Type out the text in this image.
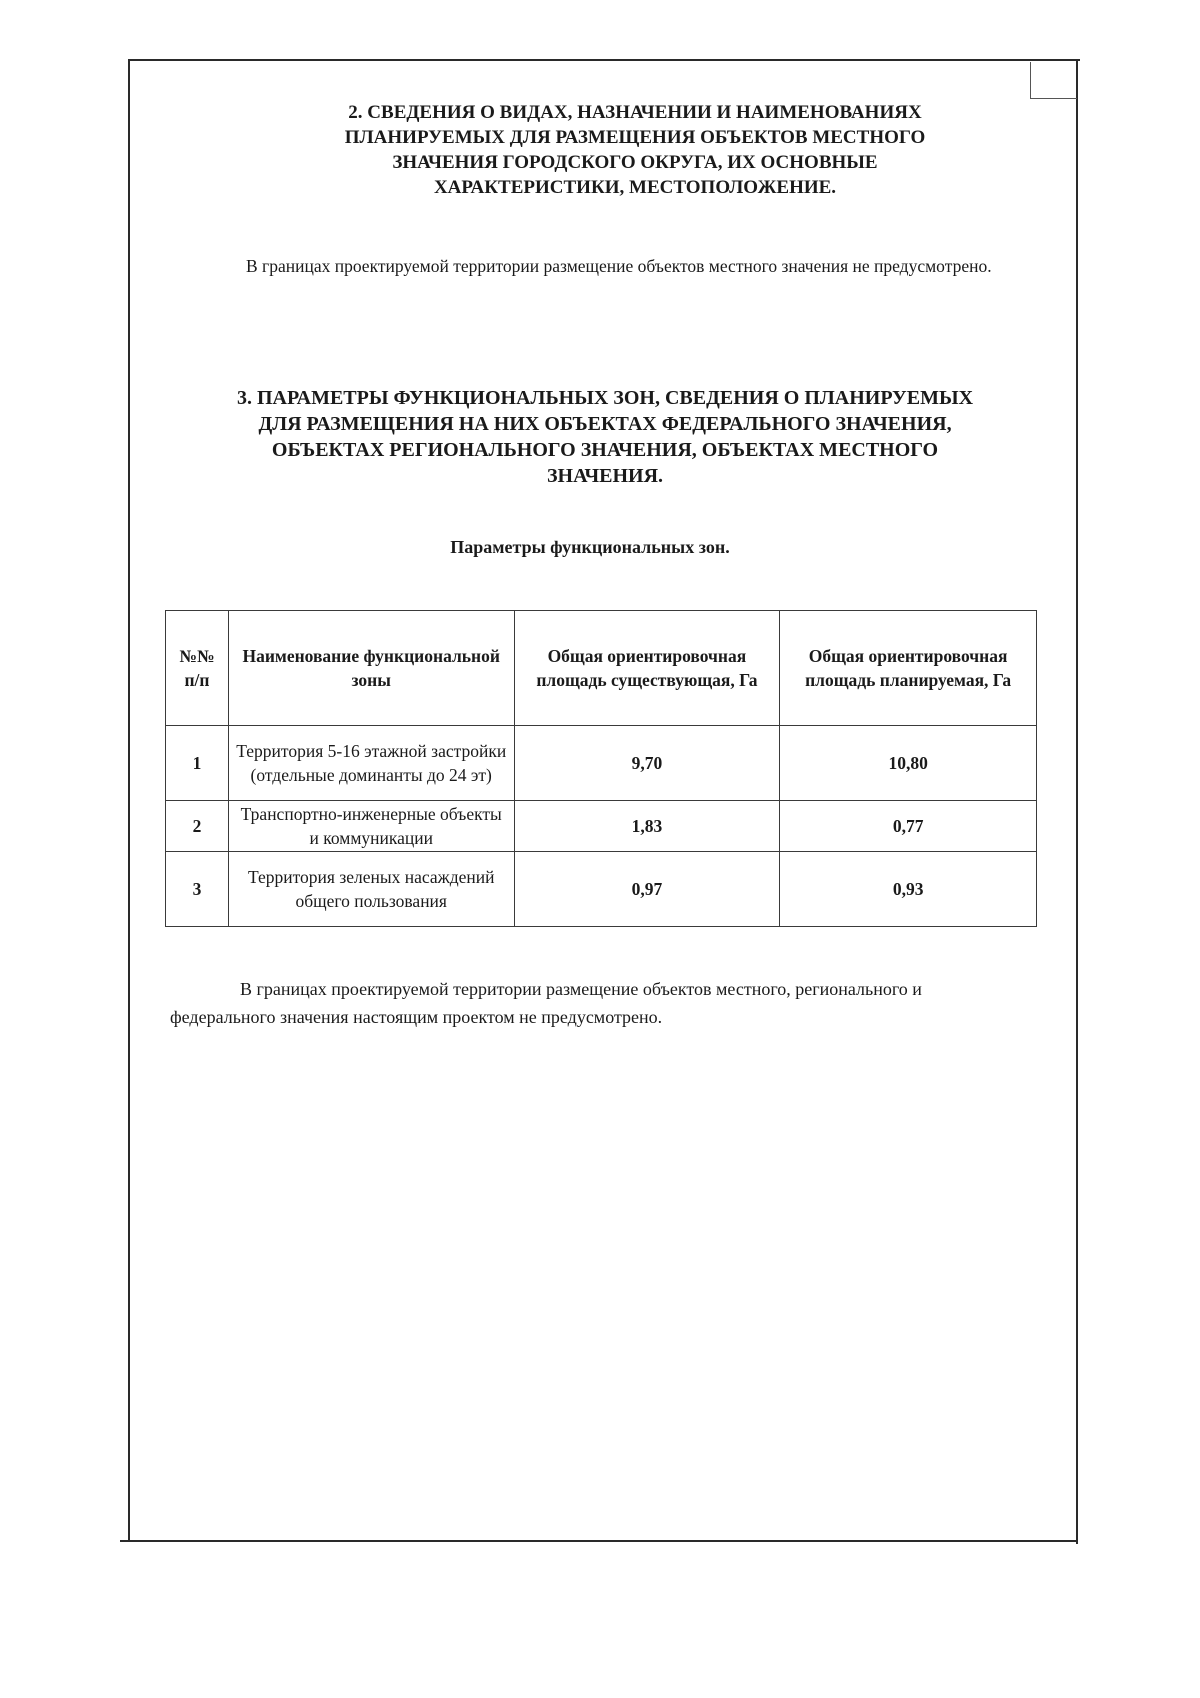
2. СВЕДЕНИЯ О ВИДАХ, НАЗНАЧЕНИИ И НАИМЕНОВАНИЯХ
ПЛАНИРУЕМЫХ ДЛЯ РАЗМЕЩЕНИЯ ОБЪЕКТОВ МЕСТНОГО
ЗНАЧЕНИЯ ГОРОДСКОГО ОКРУГА, ИХ ОСНОВНЫЕ
ХАРАКТЕРИСТИКИ, МЕСТОПОЛОЖЕНИЕ.
В границах проектируемой территории размещение объектов местного значения не предусмотрено.
3. ПАРАМЕТРЫ ФУНКЦИОНАЛЬНЫХ ЗОН, СВЕДЕНИЯ О ПЛАНИРУЕМЫХ
ДЛЯ РАЗМЕЩЕНИЯ НА НИХ ОБЪЕКТАХ ФЕДЕРАЛЬНОГО ЗНАЧЕНИЯ,
ОБЪЕКТАХ РЕГИОНАЛЬНОГО ЗНАЧЕНИЯ, ОБЪЕКТАХ МЕСТНОГО
ЗНАЧЕНИЯ.
Параметры функциональных зон.
№№ п/п	Наименование функциональной зоны	Общая ориентировочная площадь существующая, Га	Общая ориентировочная площадь планируемая, Га
1	Территория 5-16 этажной застройки (отдельные доминанты до 24 эт)	9,70	10,80
2	Транспортно-инженерные объекты и коммуникации	1,83	0,77
3	Территория зеленых насаждений общего пользования	0,97	0,93
В границах проектируемой территории размещение объектов местного, регионального и федерального значения настоящим проектом не предусмотрено.
